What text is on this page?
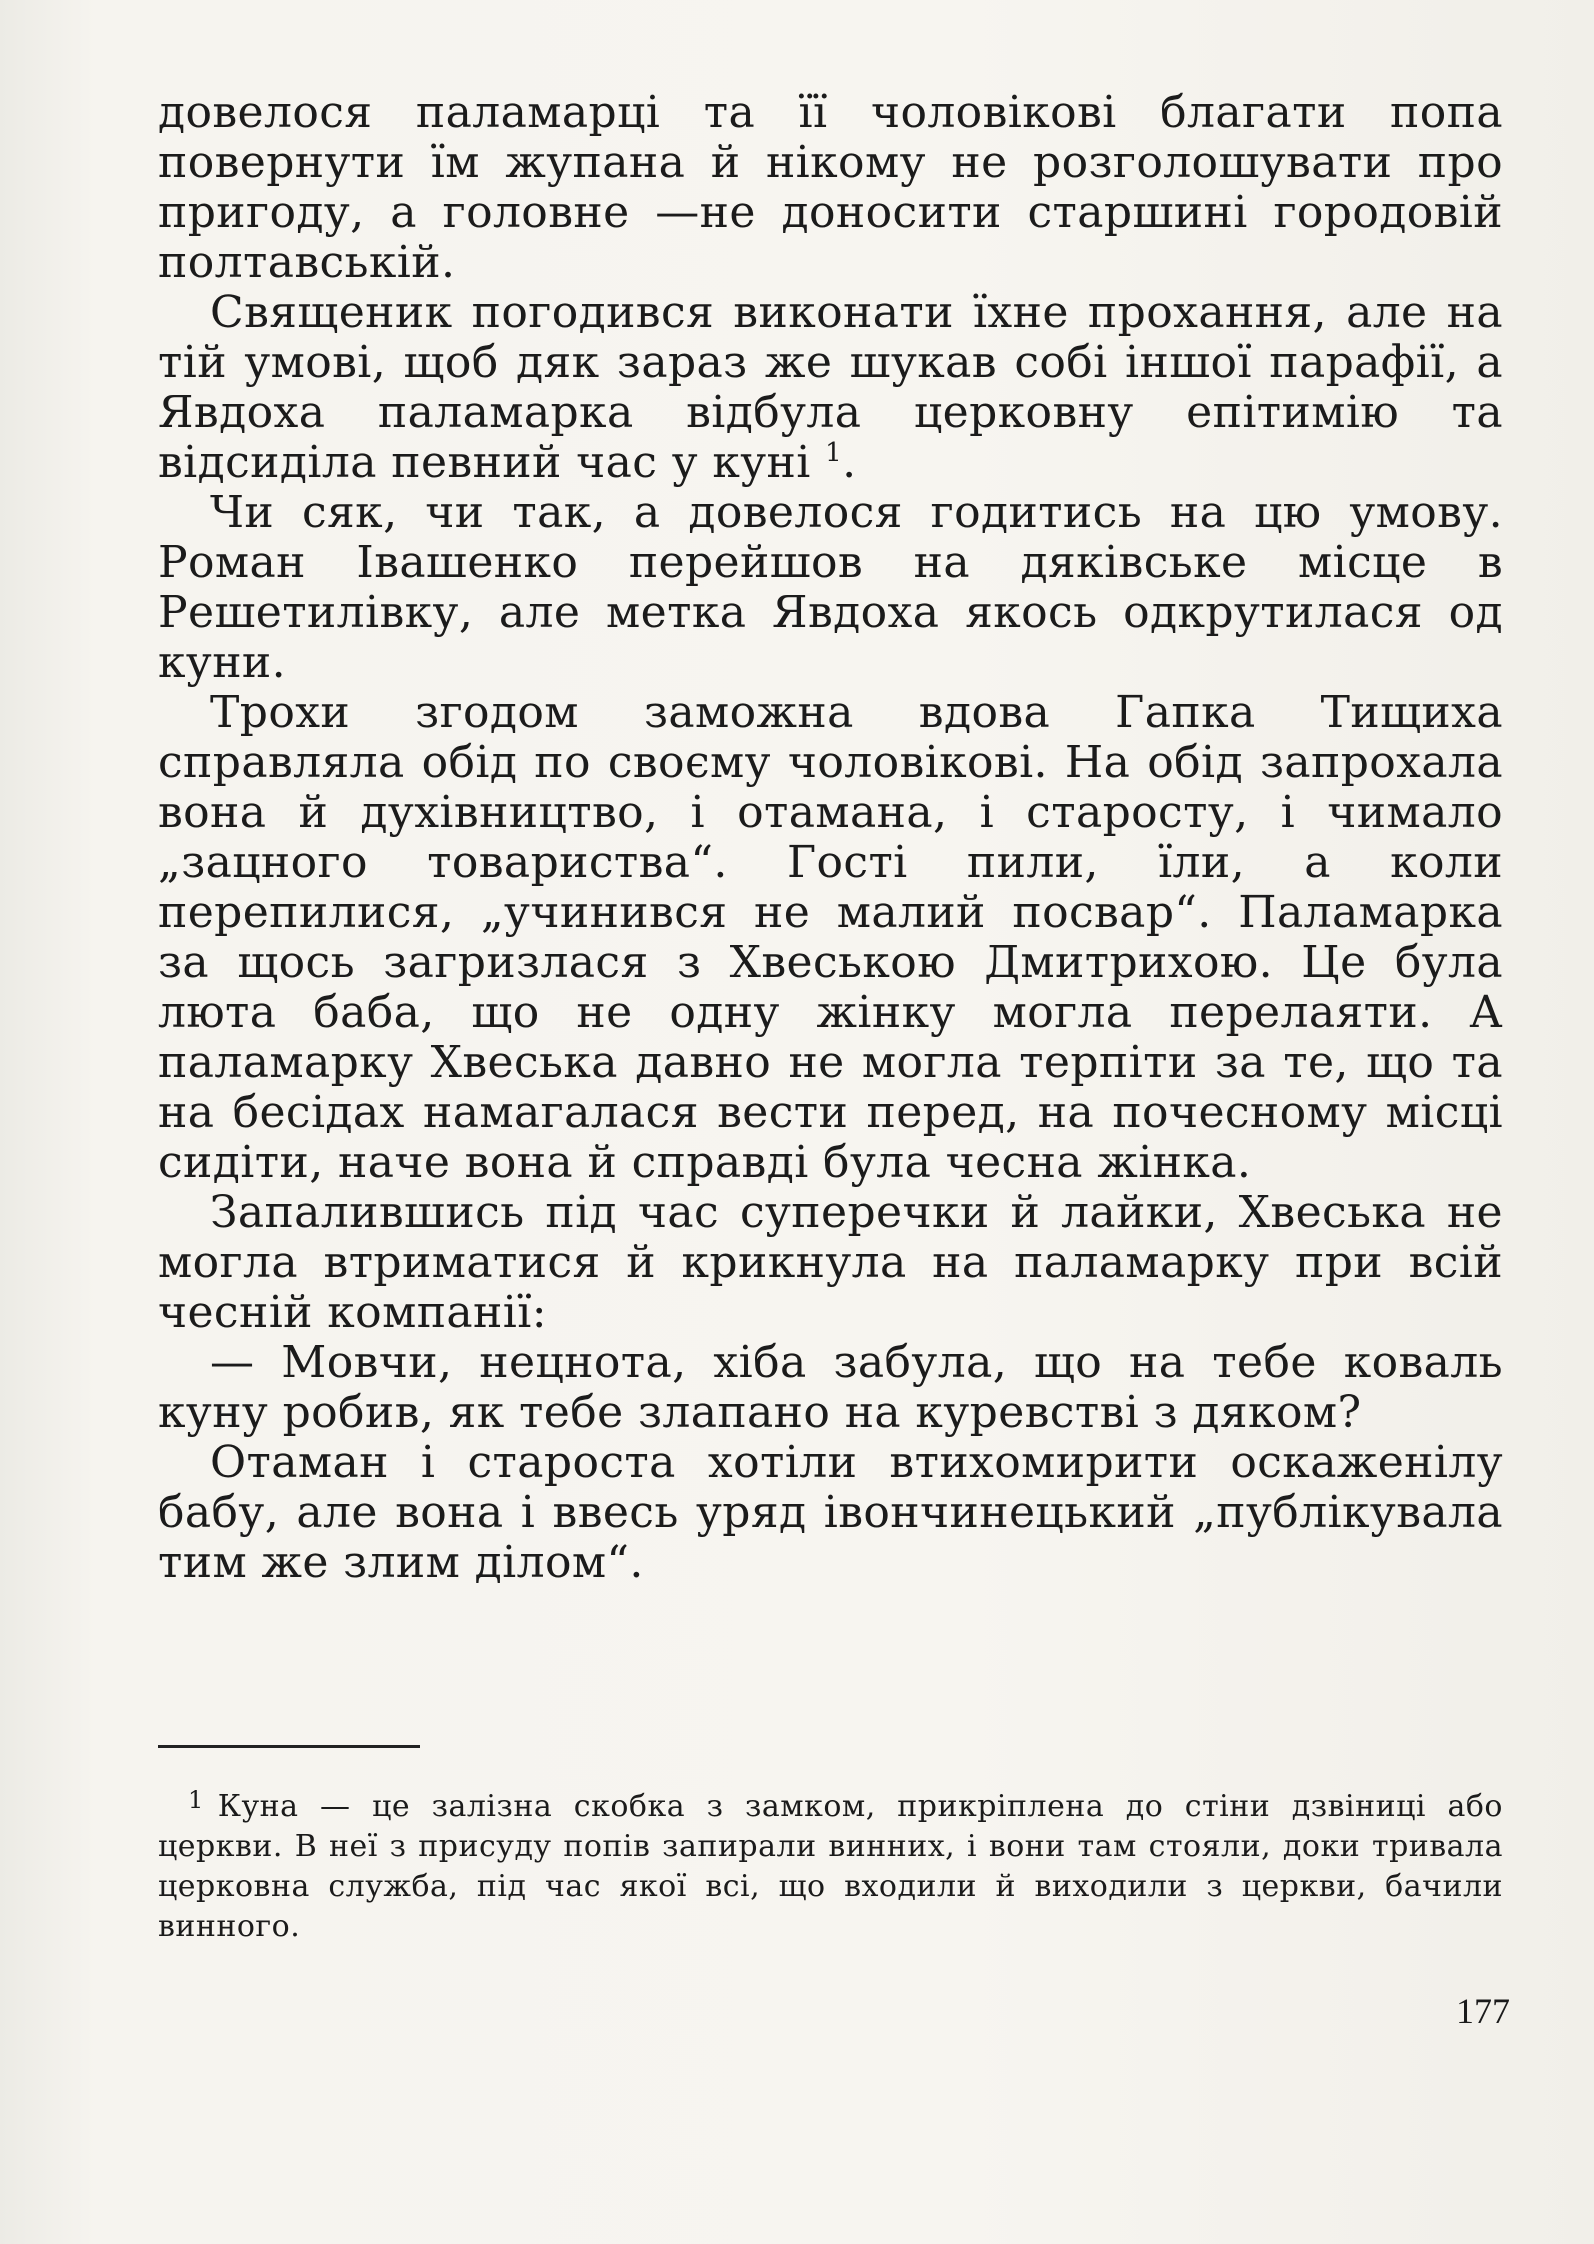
довелося паламарці та її чоловікові благати попа повернути їм жупана й нікому не розголошувати про пригоду, а головне —не доносити старшині городовій полтавській.

Священик погодився виконати їхне прохання, але на тій умові, щоб дяк зараз же шукав собі іншої парафії, а Явдоха паламарка відбула церковну епітимію та відсиділа певний час у куні $^1$.

Чи сяк, чи так, а довелося годитись на цю умову. Роман Івашенко перейшов на дяківське місце в Решетилівку, але метка Явдоха якось одкрутилася од куни.

Трохи згодом заможна вдова Гапка Тищиха справляла обід по своєму чоловікові. На обід запрохала вона й духівництво, і отамана, і старосту, і чимало „зацного товариства“. Гості пили, їли, а коли перепилися, „учинився не малий посвар“. Паламарка за щось загризлася з Хвеською Дмитрихою. Це була люта баба, що не одну жінку могла перелаяти. А паламарку Хвеська давно не могла терпіти за те, що та на бесідах намагалася вести перед, на почесному місці сидіти, наче вона й справді була чесна жінка.

Запалившись під час суперечки й лайки, Хвеська не могла втриматися й крикнула на паламарку при всій чесній компанії:

— Мовчи, нецнота, хіба забула, що на тебе коваль куну робив, як тебе злапано на куревстві з дяком?

Отаман і староста хотіли втихомирити оскаженілу бабу, але вона і ввесь уряд івончинецький „публікувала тим же злим ділом“.

$^1$ Куна — це залізна скобка з замком, прикріплена до стіни дзвіниці або церкви. В неї з присуду попів запирали винних, і вони там стояли, доки тривала церковна служба, під час якої всі, що входили й виходили з церкви, бачили винного.

177
